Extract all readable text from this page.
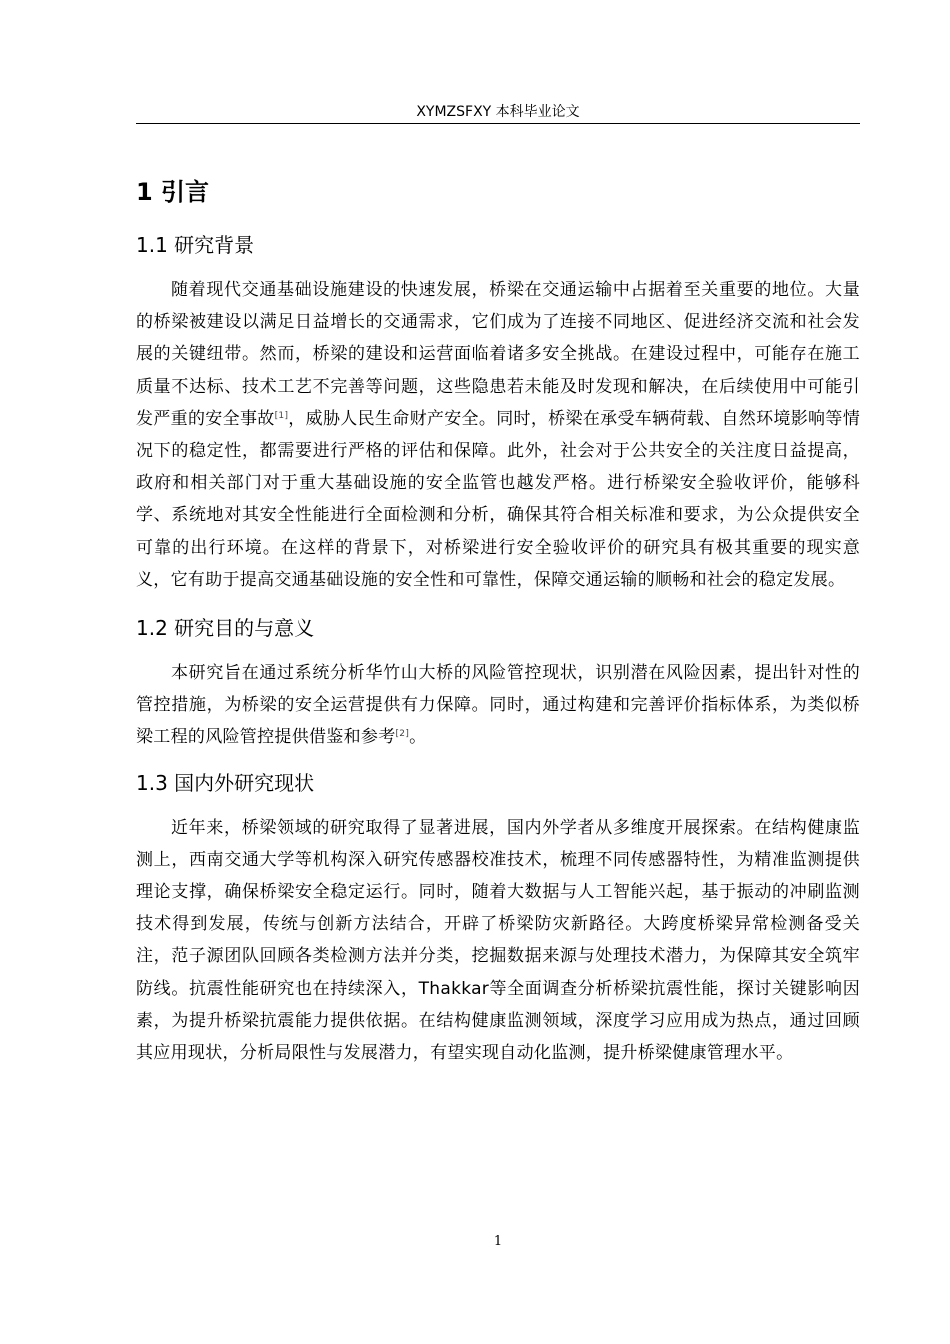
XYMZSFXY 本科毕业论文
1 引言
1.1 研究背景

随着现代交通基础设施建设的快速发展，桥梁在交通运输中占据着至关重要的地位。大量的桥梁被建设以满足日益增长的交通需求，它们成为了连接不同地区、促进经济交流和社会发展的关键纽带。然而，桥梁的建设和运营面临着诸多安全挑战。在建设过程中，可能存在施工质量不达标、技术工艺不完善等问题，这些隐患若未能及时发现和解决，在后续使用中可能引发严重的安全事故[1]，威胁人民生命财产安全。同时，桥梁在承受车辆荷载、自然环境影响等情况下的稳定性，都需要进行严格的评估和保障。此外，社会对于公共安全的关注度日益提高，政府和相关部门对于重大基础设施的安全监管也越发严格。进行桥梁安全验收评价，能够科学、系统地对其安全性能进行全面检测和分析，确保其符合相关标准和要求，为公众提供安全可靠的出行环境。在这样的背景下，对桥梁进行安全验收评价的研究具有极其重要的现实意义，它有助于提高交通基础设施的安全性和可靠性，保障交通运输的顺畅和社会的稳定发展。

1.2 研究目的与意义

本研究旨在通过系统分析华竹山大桥的风险管控现状，识别潜在风险因素，提出针对性的管控措施，为桥梁的安全运营提供有力保障。同时，通过构建和完善评价指标体系，为类似桥梁工程的风险管控提供借鉴和参考[2]。

1.3 国内外研究现状

近年来，桥梁领域的研究取得了显著进展，国内外学者从多维度开展探索。在结构健康监测上，西南交通大学等机构深入研究传感器校准技术，梳理不同传感器特性，为精准监测提供理论支撑，确保桥梁安全稳定运行。同时，随着大数据与人工智能兴起，基于振动的冲刷监测技术得到发展，传统与创新方法结合，开辟了桥梁防灾新路径。大跨度桥梁异常检测备受关注，范子源团队回顾各类检测方法并分类，挖掘数据来源与处理技术潜力，为保障其安全筑牢防线。抗震性能研究也在持续深入，Thakkar等全面调查分析桥梁抗震性能，探讨关键影响因素，为提升桥梁抗震能力提供依据。在结构健康监测领域，深度学习应用成为热点，通过回顾其应用现状，分析局限性与发展潜力，有望实现自动化监测，提升桥梁健康管理水平。

1
